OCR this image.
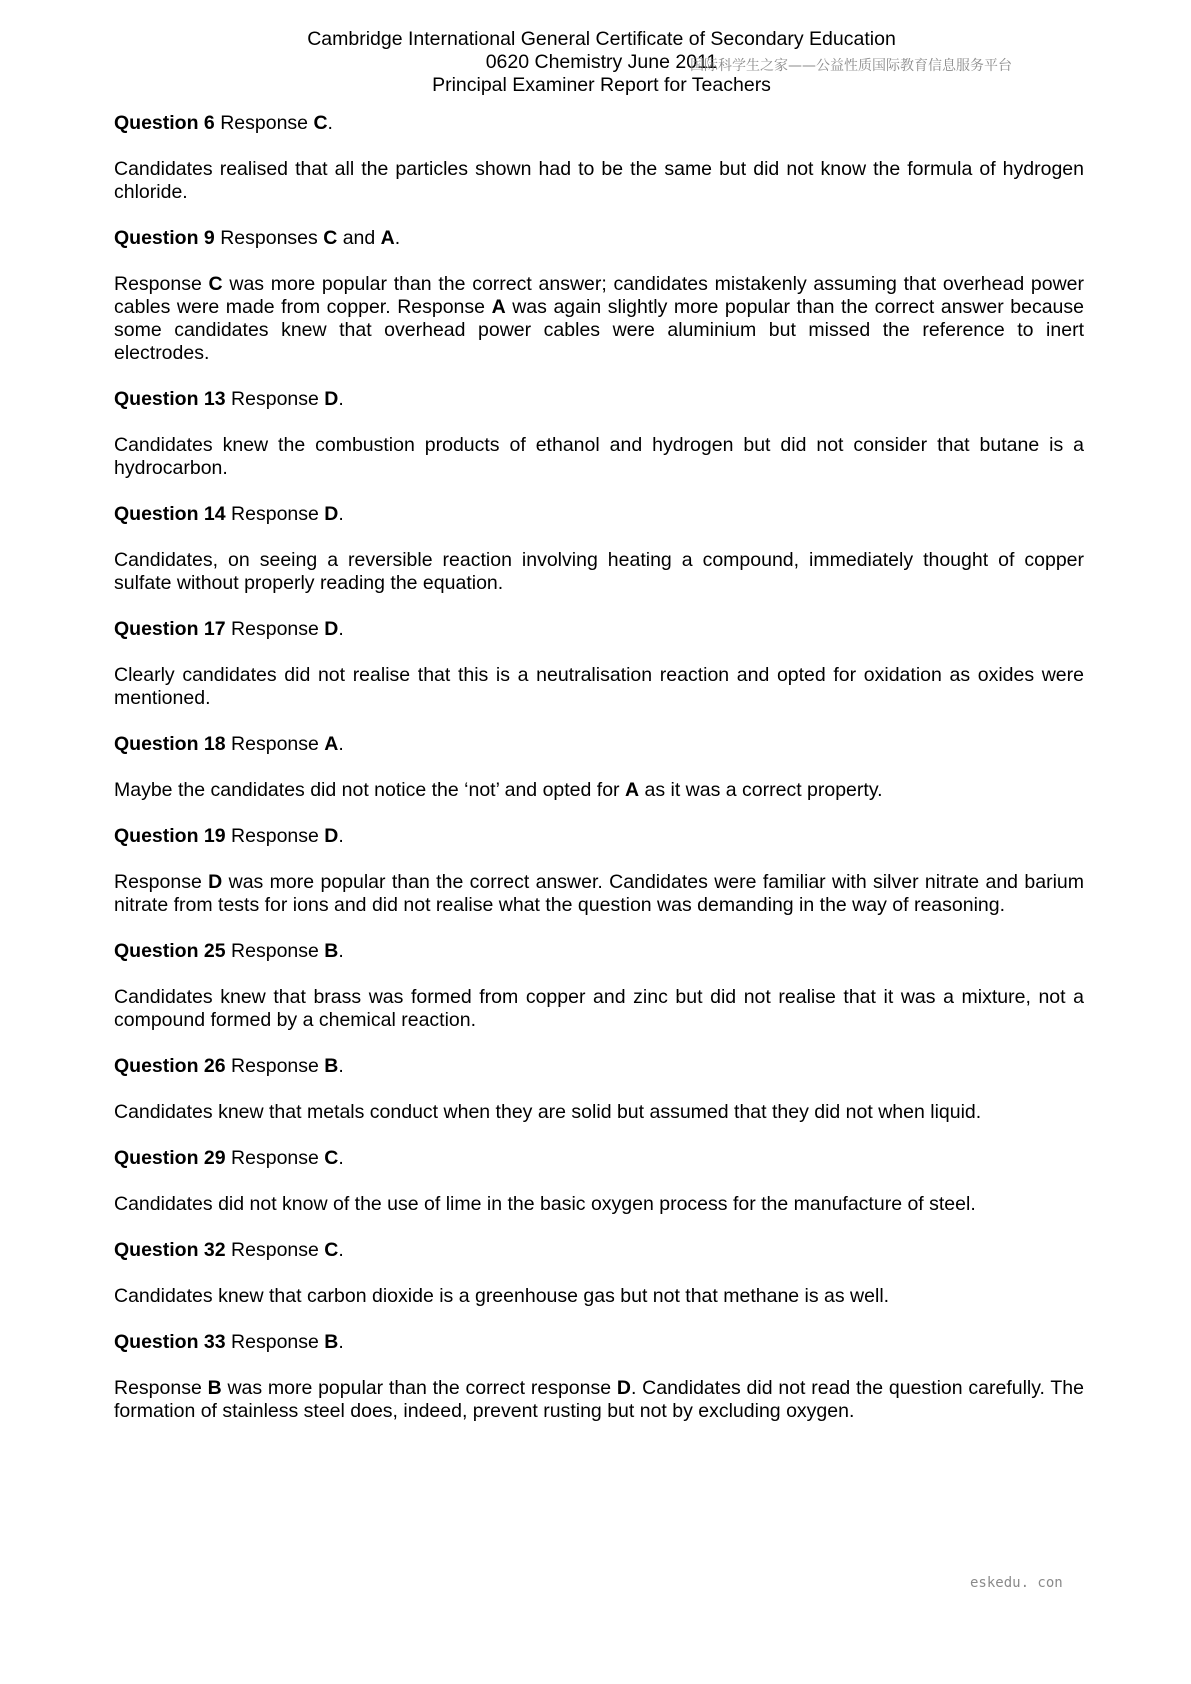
Cambridge International General Certificate of Secondary Education
0620 Chemistry June 2011
Principal Examiner Report for Teachers
国际科学生之家——公益性质国际教育信息服务平台

Question 6 Response C.

Candidates realised that all the particles shown had to be the same but did not know the formula of hydrogen chloride.

Question 9 Responses C and A.

Response C was more popular than the correct answer; candidates mistakenly assuming that overhead power cables were made from copper. Response A was again slightly more popular than the correct answer because some candidates knew that overhead power cables were aluminium but missed the reference to inert electrodes.

Question 13 Response D.

Candidates knew the combustion products of ethanol and hydrogen but did not consider that butane is a hydrocarbon.

Question 14 Response D.

Candidates, on seeing a reversible reaction involving heating a compound, immediately thought of copper sulfate without properly reading the equation.

Question 17 Response D.

Clearly candidates did not realise that this is a neutralisation reaction and opted for oxidation as oxides were mentioned.

Question 18 Response A.

Maybe the candidates did not notice the ‘not’ and opted for A as it was a correct property.

Question 19 Response D.

Response D was more popular than the correct answer. Candidates were familiar with silver nitrate and barium nitrate from tests for ions and did not realise what the question was demanding in the way of reasoning.

Question 25 Response B.

Candidates knew that brass was formed from copper and zinc but did not realise that it was a mixture, not a compound formed by a chemical reaction.

Question 26 Response B.

Candidates knew that metals conduct when they are solid but assumed that they did not when liquid.

Question 29 Response C.

Candidates did not know of the use of lime in the basic oxygen process for the manufacture of steel.

Question 32 Response C.

Candidates knew that carbon dioxide is a greenhouse gas but not that methane is as well.

Question 33 Response B.

Response B was more popular than the correct response D. Candidates did not read the question carefully. The formation of stainless steel does, indeed, prevent rusting but not by excluding oxygen.

eskedu. con
